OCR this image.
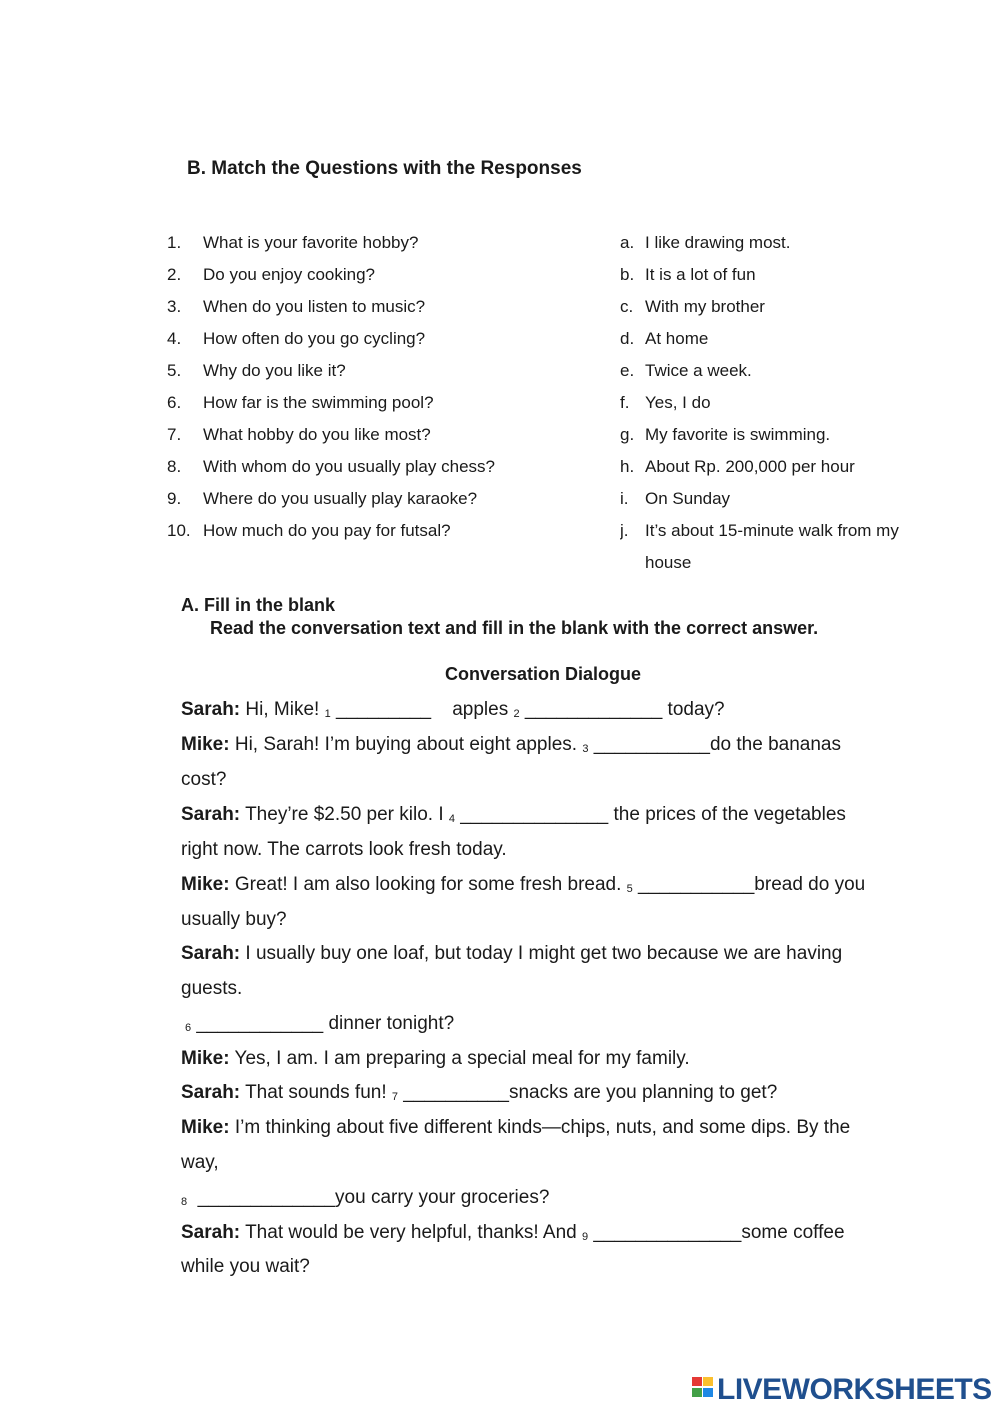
B. Match the Questions with the Responses
1. What is your favorite hobby?
2. Do you enjoy cooking?
3. When do you listen to music?
4. How often do you go cycling?
5. Why do you like it?
6. How far is the swimming pool?
7. What hobby do you like most?
8. With whom do you usually play chess?
9. Where do you usually play karaoke?
10. How much do you pay for futsal?
a. I like drawing most.
b. It is a lot of fun
c. With my brother
d. At home
e. Twice a week.
f. Yes, I do
g. My favorite is swimming.
h. About Rp. 200,000 per hour
i. On Sunday
j. It’s about 15-minute walk from my
house
A. Fill in the blank
Read the conversation text and fill in the blank with the correct answer.
Conversation Dialogue
Sarah: Hi, Mike! $_1$ _________    apples $_2$ _____________ today?
Mike: Hi, Sarah! I’m buying about eight apples. $_3$ ___________do the bananas
cost?
Sarah: They’re $2.50 per kilo. I $_4$ ______________ the prices of the vegetables
right now. The carrots look fresh today.
Mike: Great! I am also looking for some fresh bread. $_5$ ___________bread do you
usually buy?
Sarah: I usually buy one loaf, but today I might get two because we are having
guests.
$_6$ ____________ dinner tonight?
Mike: Yes, I am. I am preparing a special meal for my family.
Sarah: That sounds fun! $_7$ __________snacks are you planning to get?
Mike: I’m thinking about five different kinds—chips, nuts, and some dips. By the
way,
$_8$  _____________you carry your groceries?
Sarah: That would be very helpful, thanks! And $_9$ ______________some coffee
while you wait?
LIVEWORKSHEETS
